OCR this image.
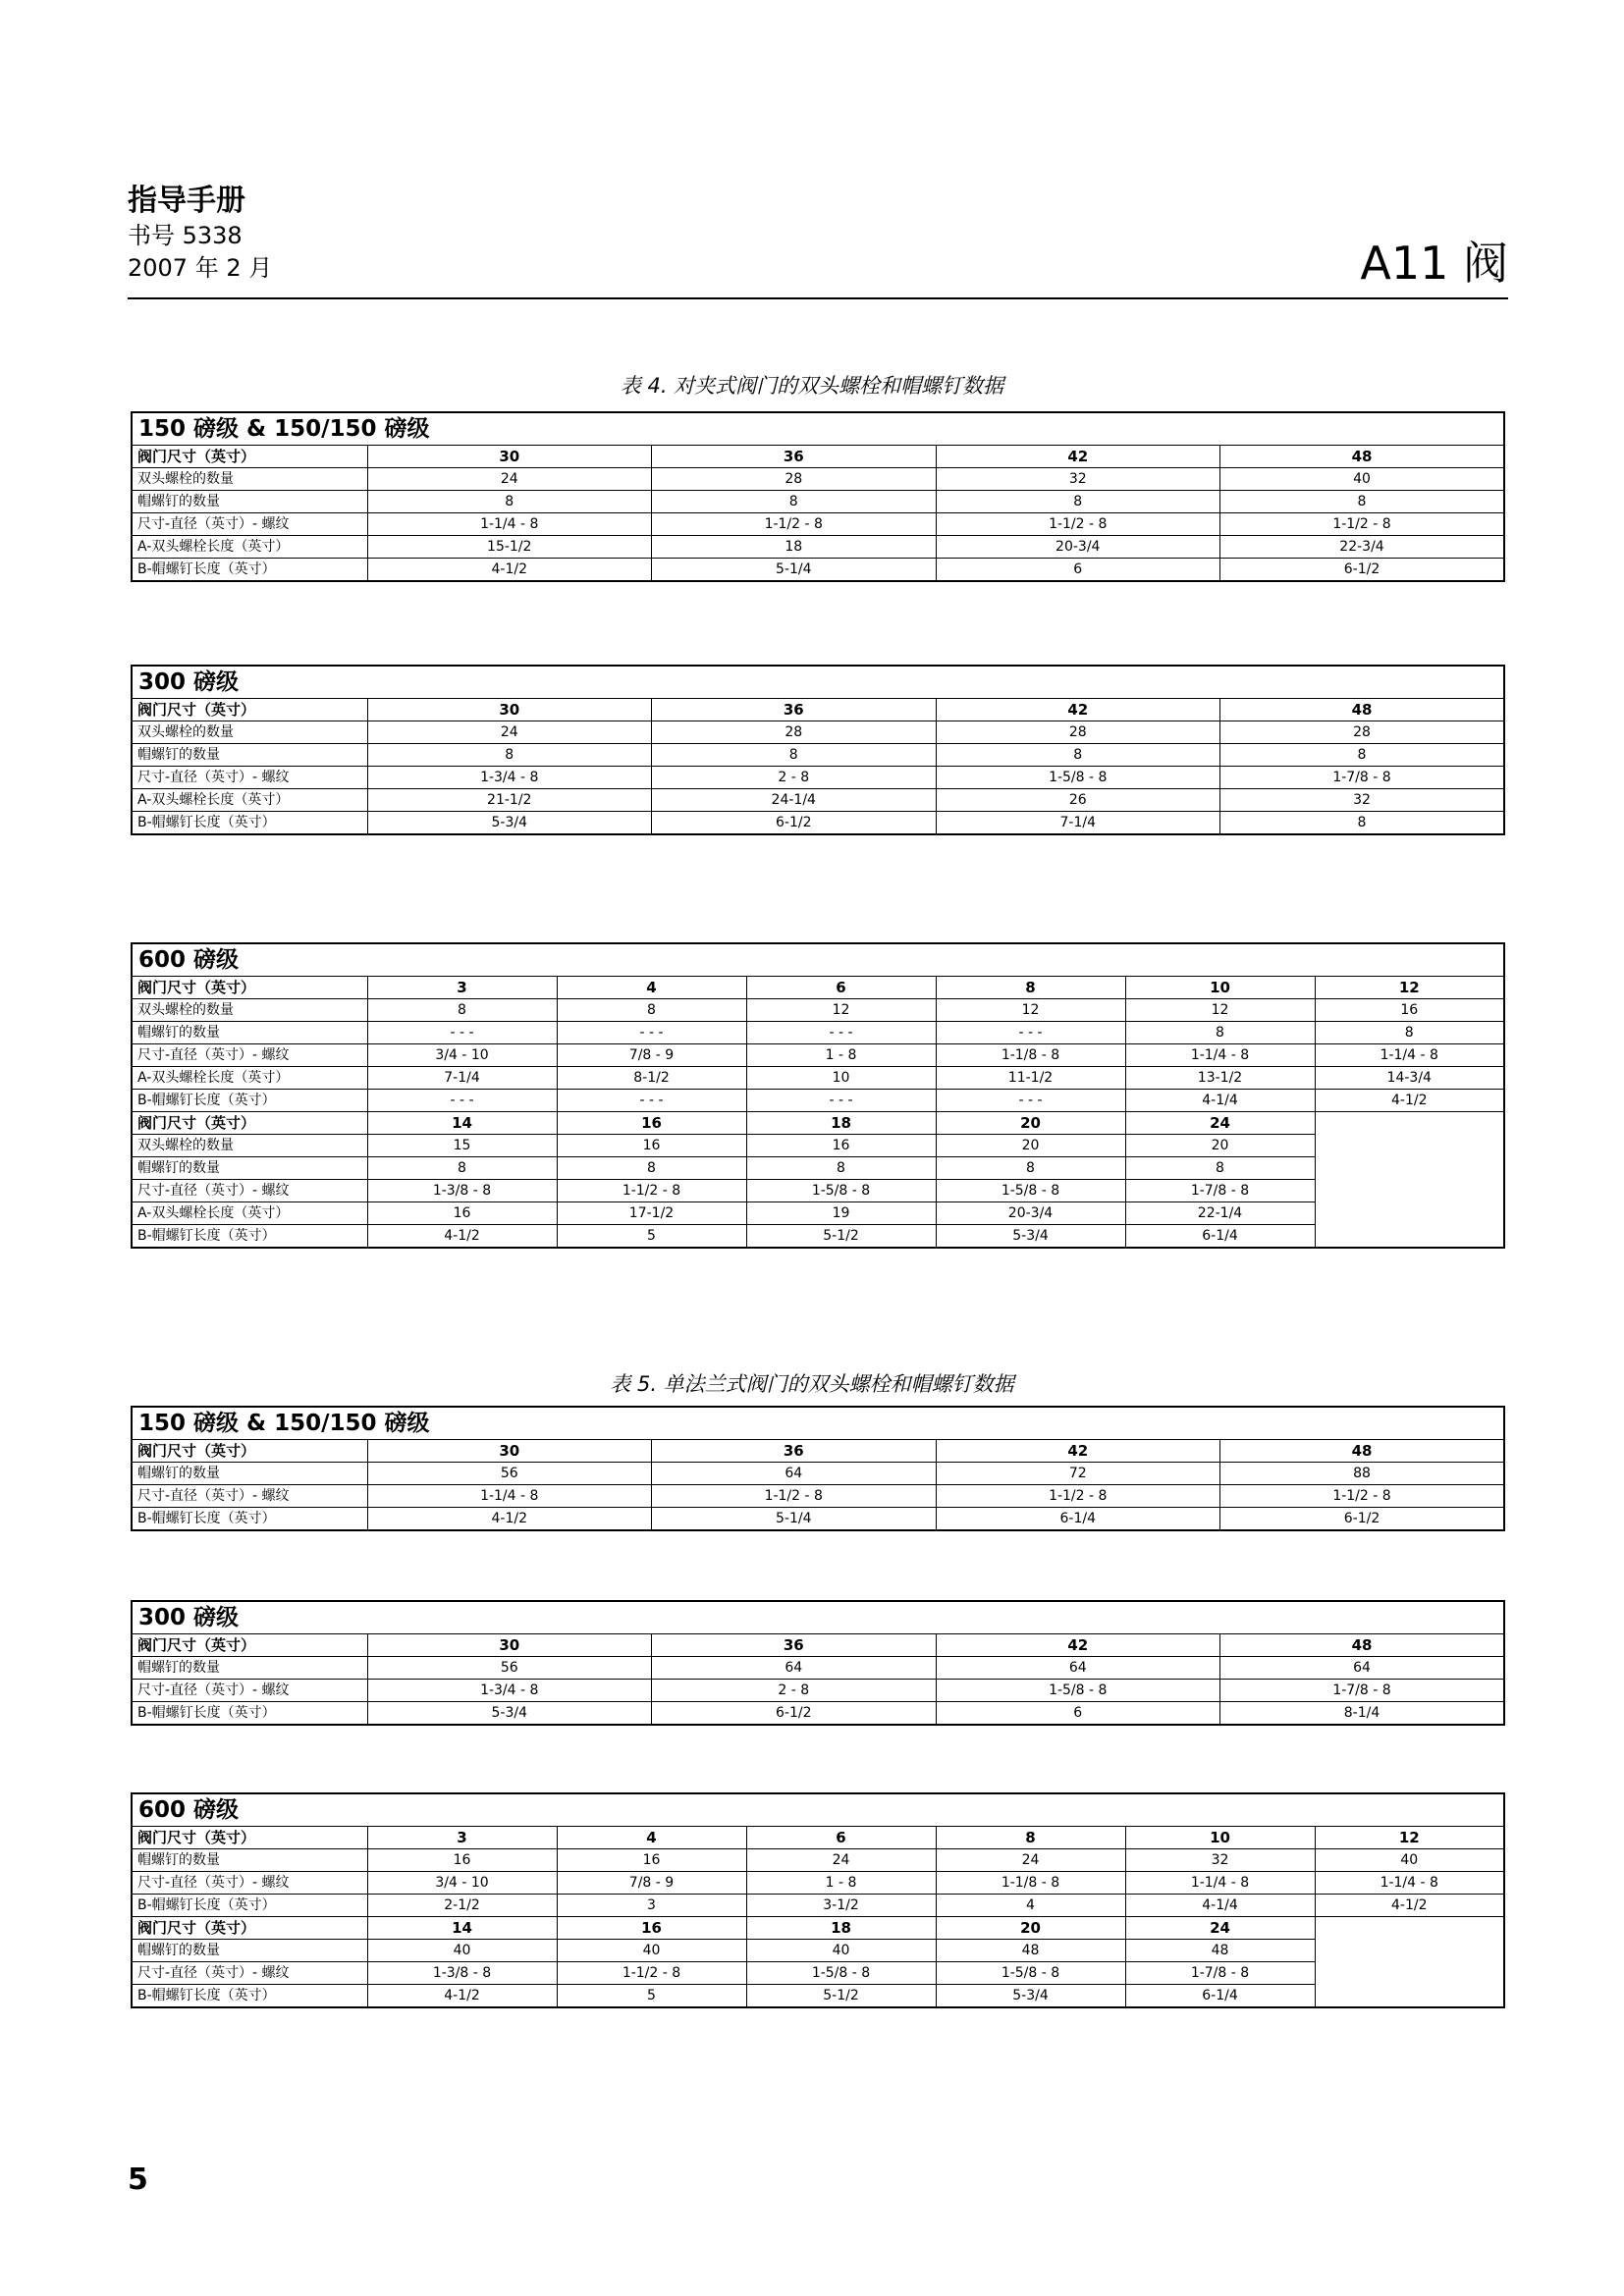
指导手册
书号 5338
2007 年 2 月	A11 阀
表 4. 对夹式阀门的双头螺栓和帽螺钉数据
150 磅级 & 150/150 磅级				
阀门尺寸（英寸）	30	36	42	48
双头螺栓的数量	24	28	32	40
帽螺钉的数量	8	8	8	8
尺寸-直径（英寸）- 螺纹	1-1/4 - 8	1-1/2 - 8	1-1/2 - 8	1-1/2 - 8
A-双头螺栓长度（英寸）	15-1/2	18	20-3/4	22-3/4
B-帽螺钉长度（英寸）	4-1/2	5-1/4	6	6-1/2
300 磅级				
阀门尺寸（英寸）	30	36	42	48
双头螺栓的数量	24	28	28	28
帽螺钉的数量	8	8	8	8
尺寸-直径（英寸）- 螺纹	1-3/4 - 8	2 - 8	1-5/8 - 8	1-7/8 - 8
A-双头螺栓长度（英寸）	21-1/2	24-1/4	26	32
B-帽螺钉长度（英寸）	5-3/4	6-1/2	7-1/4	8
600 磅级						
阀门尺寸（英寸）	3	4	6	8	10	12
双头螺栓的数量	8	8	12	12	12	16
帽螺钉的数量	- - -	- - -	- - -	- - -	8	8
尺寸-直径（英寸）- 螺纹	3/4 - 10	7/8 - 9	1 - 8	1-1/8 - 8	1-1/4 - 8	1-1/4 - 8
A-双头螺栓长度（英寸）	7-1/4	8-1/2	10	11-1/2	13-1/2	14-3/4
B-帽螺钉长度（英寸）	- - -	- - -	- - -	- - -	4-1/4	4-1/2
阀门尺寸（英寸）	14	16	18	20	24	
双头螺栓的数量	15	16	16	20	20	
帽螺钉的数量	8	8	8	8	8	
尺寸-直径（英寸）- 螺纹	1-3/8 - 8	1-1/2 - 8	1-5/8 - 8	1-5/8 - 8	1-7/8 - 8	
A-双头螺栓长度（英寸）	16	17-1/2	19	20-3/4	22-1/4	
B-帽螺钉长度（英寸）	4-1/2	5	5-1/2	5-3/4	6-1/4	
表 5. 单法兰式阀门的双头螺栓和帽螺钉数据
150 磅级 & 150/150 磅级				
阀门尺寸（英寸）	30	36	42	48
帽螺钉的数量	56	64	72	88
尺寸-直径（英寸）- 螺纹	1-1/4 - 8	1-1/2 - 8	1-1/2 - 8	1-1/2 - 8
B-帽螺钉长度（英寸）	4-1/2	5-1/4	6-1/4	6-1/2
300 磅级				
阀门尺寸（英寸）	30	36	42	48
帽螺钉的数量	56	64	64	64
尺寸-直径（英寸）- 螺纹	1-3/4 - 8	2 - 8	1-5/8 - 8	1-7/8 - 8
B-帽螺钉长度（英寸）	5-3/4	6-1/2	6	8-1/4
600 磅级						
阀门尺寸（英寸）	3	4	6	8	10	12
帽螺钉的数量	16	16	24	24	32	40
尺寸-直径（英寸）- 螺纹	3/4 - 10	7/8 - 9	1 - 8	1-1/8 - 8	1-1/4 - 8	1-1/4 - 8
B-帽螺钉长度（英寸）	2-1/2	3	3-1/2	4	4-1/4	4-1/2
阀门尺寸（英寸）	14	16	18	20	24	
帽螺钉的数量	40	40	40	48	48	
尺寸-直径（英寸）- 螺纹	1-3/8 - 8	1-1/2 - 8	1-5/8 - 8	1-5/8 - 8	1-7/8 - 8	
B-帽螺钉长度（英寸）	4-1/2	5	5-1/2	5-3/4	6-1/4	
5
